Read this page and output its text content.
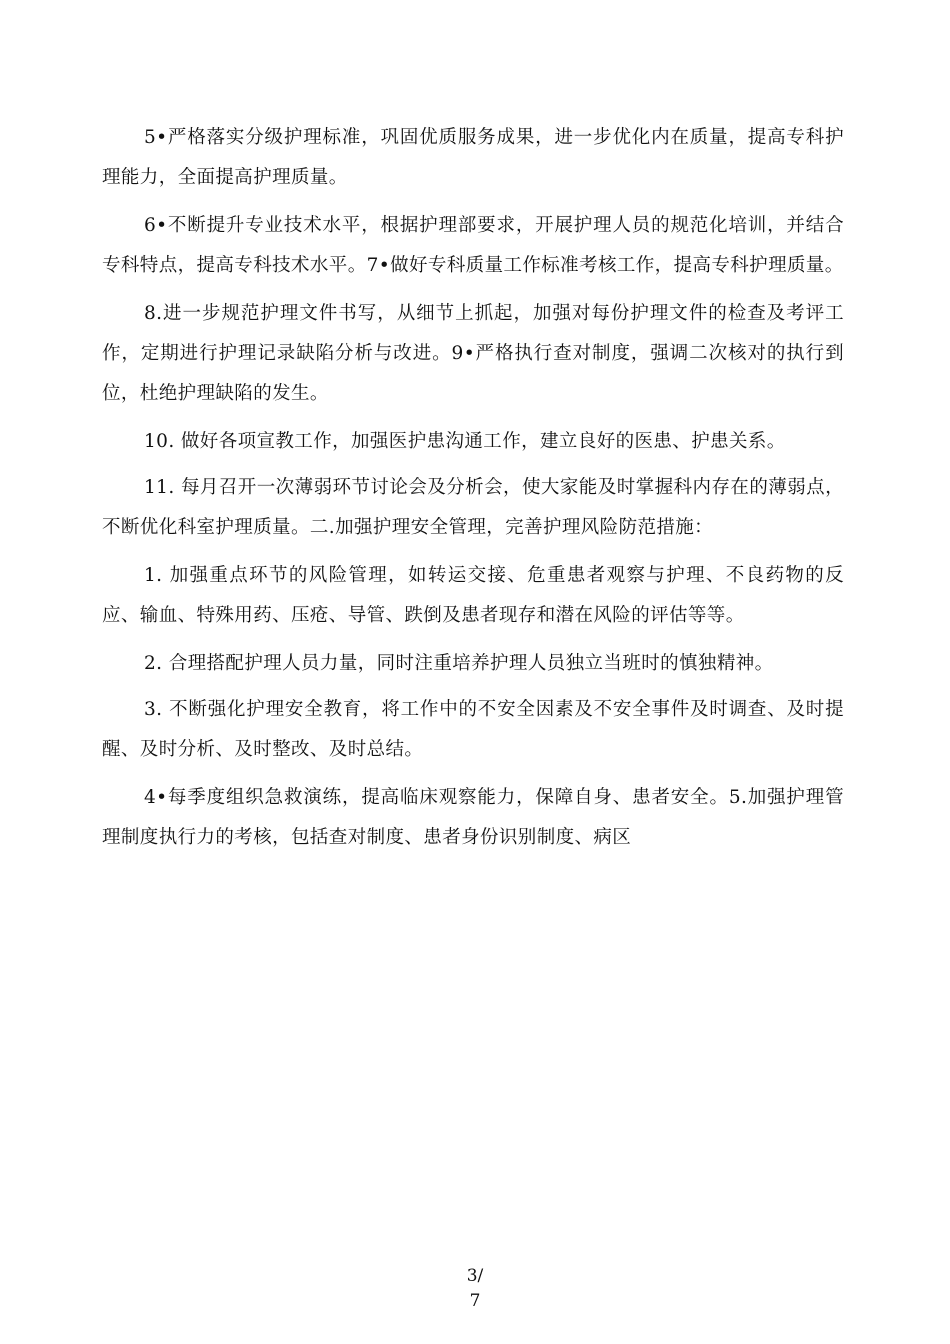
5•严格落实分级护理标准，巩固优质服务成果，进一步优化内在质量，提高专科护理能力，全面提高护理质量。

6•不断提升专业技术水平，根据护理部要求，开展护理人员的规范化培训，并结合专科特点，提高专科技术水平。7•做好专科质量工作标准考核工作，提高专科护理质量。

8.进一步规范护理文件书写，从细节上抓起，加强对每份护理文件的检查及考评工作，定期进行护理记录缺陷分析与改进。9•严格执行查对制度，强调二次核对的执行到位，杜绝护理缺陷的发生。

10. 做好各项宣教工作，加强医护患沟通工作，建立良好的医患、护患关系。

11. 每月召开一次薄弱环节讨论会及分析会，使大家能及时掌握科内存在的薄弱点，不断优化科室护理质量。二.加强护理安全管理，完善护理风险防范措施：

1. 加强重点环节的风险管理，如转运交接、危重患者观察与护理、不良药物的反应、输血、特殊用药、压疮、导管、跌倒及患者现存和潜在风险的评估等等。

2. 合理搭配护理人员力量，同时注重培养护理人员独立当班时的慎独精神。

3. 不断强化护理安全教育，将工作中的不安全因素及不安全事件及时调查、及时提醒、及时分析、及时整改、及时总结。

4•每季度组织急救演练，提高临床观察能力，保障自身、患者安全。5.加强护理管理制度执行力的考核，包括查对制度、患者身份识别制度、病区

3/
7
